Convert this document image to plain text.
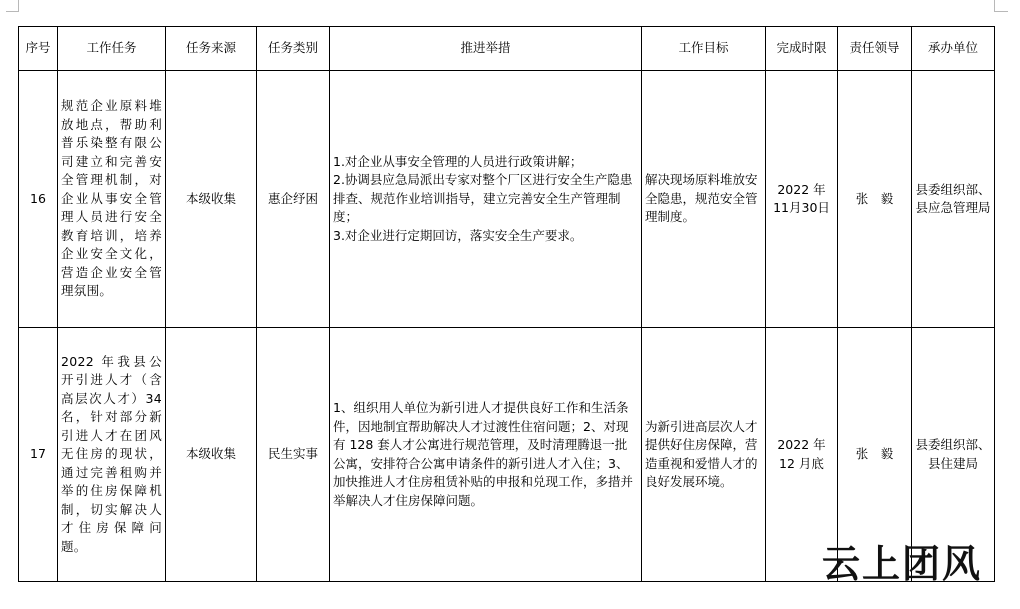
序号	工作任务	任务来源	任务类别	推进举措	工作目标	完成时限	责任领导	承办单位
16	规范企业原料堆放地点，帮助利普乐染整有限公司建立和完善安全管理机制，对企业从事安全管理人员进行安全教育培训，培养企业安全文化，营造企业安全管理氛围。	本级收集	惠企纾困	1.对企业从事安全管理的人员进行政策讲解；
2.协调县应急局派出专家对整个厂区进行安全生产隐患排查、规范作业培训指导，建立完善安全生产管理制度；
3.对企业进行定期回访，落实安全生产要求。	解决现场原料堆放安全隐患，规范安全管理制度。	2022 年 11月30日	张　毅	县委组织部、县应急管理局
17	2022 年我县公开引进人才（含高层次人才）34名，针对部分新引进人才在团风无住房的现状，通过完善租购并举的住房保障机制，切实解决人才住房保障问题。	本级收集	民生实事	1、组织用人单位为新引进人才提供良好工作和生活条件，因地制宜帮助解决人才过渡性住宿问题；2、对现有 128 套人才公寓进行规范管理，及时清理腾退一批公寓，安排符合公寓申请条件的新引进人才入住；3、加快推进人才住房租赁补贴的申报和兑现工作，多措并举解决人才住房保障问题。	为新引进高层次人才提供好住房保障，营造重视和爱惜人才的良好发展环境。	2022 年 12 月底	张　毅	县委组织部、县住建局
云上团风
